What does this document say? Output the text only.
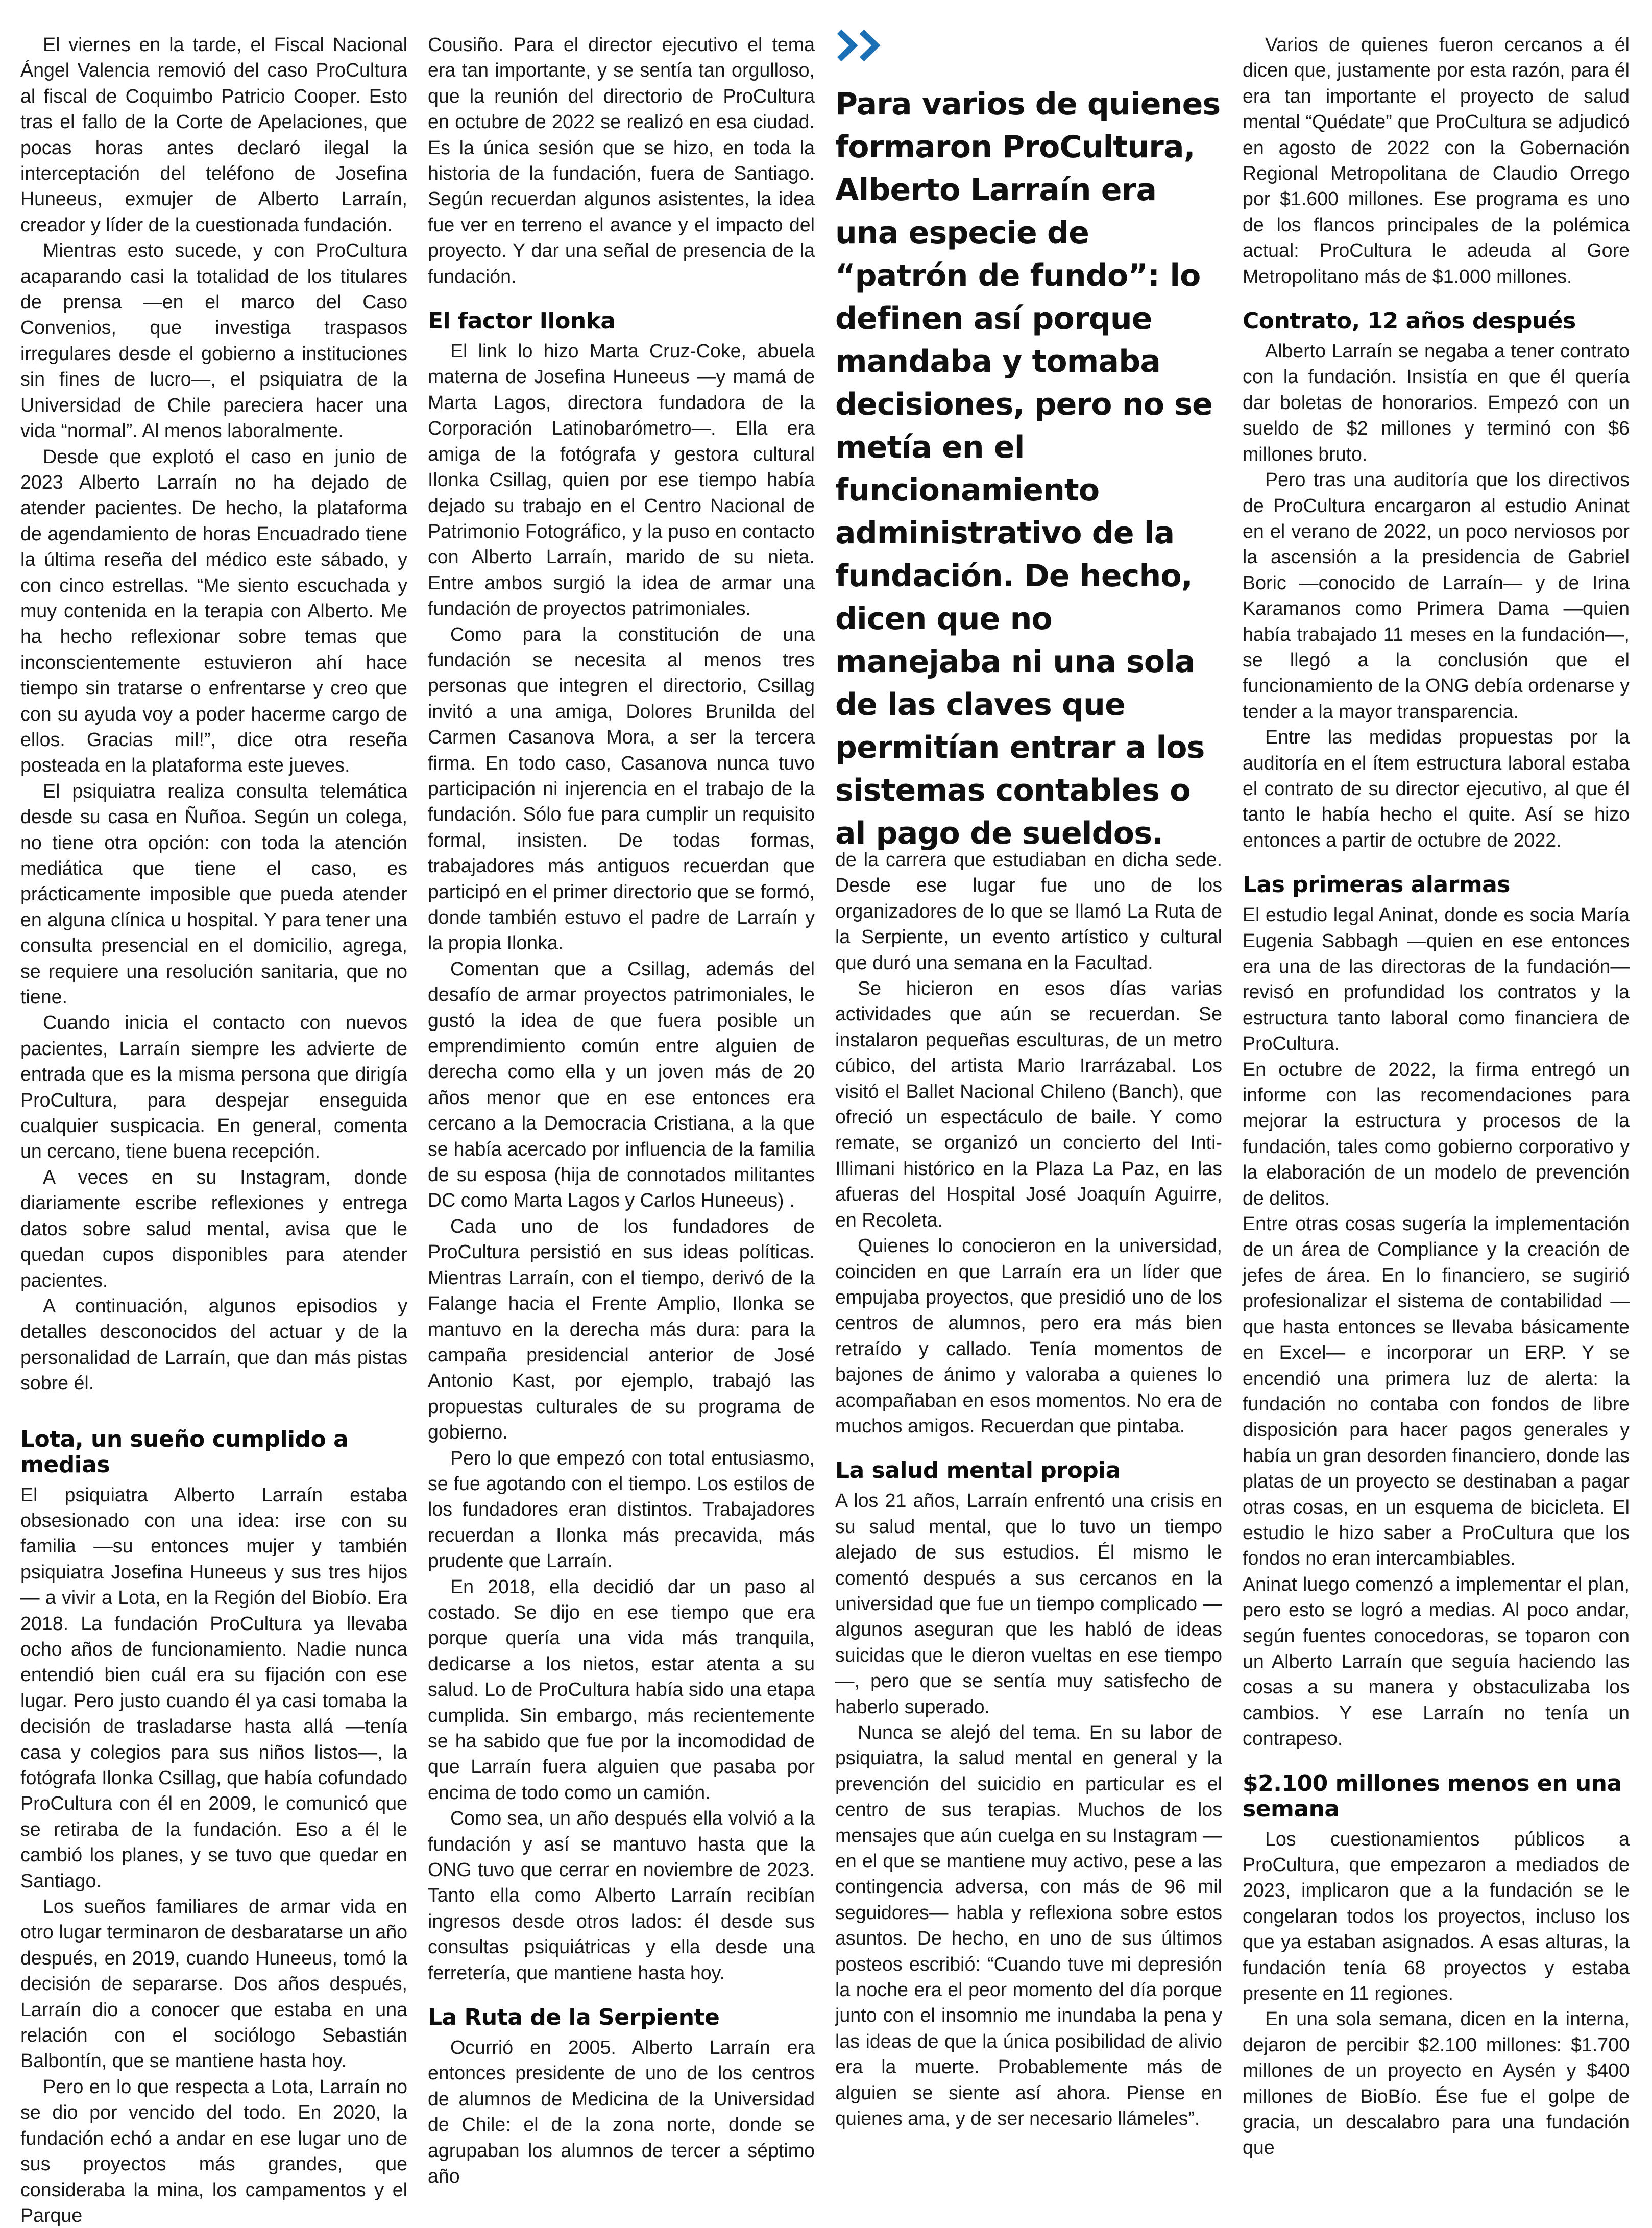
El viernes en la tarde, el Fiscal Nacional Ángel Valencia removió del caso ProCultura al fiscal de Coquimbo Patricio Cooper. Esto tras el fallo de la Corte de Apelaciones, que pocas horas antes declaró ilegal la interceptación del teléfono de Josefina Huneeus, exmujer de Alberto Larraín, creador y líder de la cuestionada fundación.

Mientras esto sucede, y con ProCultura acaparando casi la totalidad de los titulares de prensa —en el marco del Caso Convenios, que investiga traspasos irregulares desde el gobierno a instituciones sin fines de lucro—, el psiquiatra de la Universidad de Chile pareciera hacer una vida “normal”. Al menos laboralmente.

Desde que explotó el caso en junio de 2023 Alberto Larraín no ha dejado de atender pacientes. De hecho, la plataforma de agendamiento de horas Encuadrado tiene la última reseña del médico este sábado, y con cinco estrellas. “Me siento escuchada y muy contenida en la terapia con Alberto. Me ha hecho reflexionar sobre temas que inconscientemente estuvieron ahí hace tiempo sin tratarse o enfrentarse y creo que con su ayuda voy a poder hacerme cargo de ellos. Gracias mil!”, dice otra reseña posteada en la plataforma este jueves.

El psiquiatra realiza consulta telemática desde su casa en Ñuñoa. Según un colega, no tiene otra opción: con toda la atención mediática que tiene el caso, es prácticamente imposible que pueda atender en alguna clínica u hospital. Y para tener una consulta presencial en el domicilio, agrega, se requiere una resolución sanitaria, que no tiene.

Cuando inicia el contacto con nuevos pacientes, Larraín siempre les advierte de entrada que es la misma persona que dirigía ProCultura, para despejar enseguida cualquier suspicacia. En general, comenta un cercano, tiene buena recepción.

A veces en su Instagram, donde diariamente escribe reflexiones y entrega datos sobre salud mental, avisa que le quedan cupos disponibles para atender pacientes.

A continuación, algunos episodios y detalles desconocidos del actuar y de la personalidad de Larraín, que dan más pistas sobre él.

Lota, un sueño cumplido a medias

El psiquiatra Alberto Larraín estaba obsesionado con una idea: irse con su familia —su entonces mujer y también psiquiatra Josefina Huneeus y sus tres hijos— a vivir a Lota, en la Región del Biobío. Era 2018. La fundación ProCultura ya llevaba ocho años de funcionamiento. Nadie nunca entendió bien cuál era su fijación con ese lugar. Pero justo cuando él ya casi tomaba la decisión de trasladarse hasta allá —tenía casa y colegios para sus niños listos—, la fotógrafa Ilonka Csillag, que había cofundado ProCultura con él en 2009, le comunicó que se retiraba de la fundación. Eso a él le cambió los planes, y se tuvo que quedar en Santiago.

Los sueños familiares de armar vida en otro lugar terminaron de desbaratarse un año después, en 2019, cuando Huneeus, tomó la decisión de separarse. Dos años después, Larraín dio a conocer que estaba en una relación con el sociólogo Sebastián Balbontín, que se mantiene hasta hoy.

Pero en lo que respecta a Lota, Larraín no se dio por vencido del todo. En 2020, la fundación echó a andar en ese lugar uno de sus proyectos más grandes, que consideraba la mina, los campamentos y el Parque

Cousiño. Para el director ejecutivo el tema era tan importante, y se sentía tan orgulloso, que la reunión del directorio de ProCultura en octubre de 2022 se realizó en esa ciudad. Es la única sesión que se hizo, en toda la historia de la fundación, fuera de Santiago. Según recuerdan algunos asistentes, la idea fue ver en terreno el avance y el impacto del proyecto. Y dar una señal de presencia de la fundación.

El factor Ilonka

El link lo hizo Marta Cruz-Coke, abuela materna de Josefina Huneeus —y mamá de Marta Lagos, directora fundadora de la Corporación Latinobarómetro—. Ella era amiga de la fotógrafa y gestora cultural Ilonka Csillag, quien por ese tiempo había dejado su trabajo en el Centro Nacional de Patrimonio Fotográfico, y la puso en contacto con Alberto Larraín, marido de su nieta. Entre ambos surgió la idea de armar una fundación de proyectos patrimoniales.

Como para la constitución de una fundación se necesita al menos tres personas que integren el directorio, Csillag invitó a una amiga, Dolores Brunilda del Carmen Casanova Mora, a ser la tercera firma. En todo caso, Casanova nunca tuvo participación ni injerencia en el trabajo de la fundación. Sólo fue para cumplir un requisito formal, insisten. De todas formas, trabajadores más antiguos recuerdan que participó en el primer directorio que se formó, donde también estuvo el padre de Larraín y la propia Ilonka.

Comentan que a Csillag, además del desafío de armar proyectos patrimoniales, le gustó la idea de que fuera posible un emprendimiento común entre alguien de derecha como ella y un joven más de 20 años menor que en ese entonces era cercano a la Democracia Cristiana, a la que se había acercado por influencia de la familia de su esposa (hija de connotados militantes DC como Marta Lagos y Carlos Huneeus) .

Cada uno de los fundadores de ProCultura persistió en sus ideas políticas. Mientras Larraín, con el tiempo, derivó de la Falange hacia el Frente Amplio, Ilonka se mantuvo en la derecha más dura: para la campaña presidencial anterior de José Antonio Kast, por ejemplo, trabajó las propuestas culturales de su programa de gobierno.

Pero lo que empezó con total entusiasmo, se fue agotando con el tiempo. Los estilos de los fundadores eran distintos. Trabajadores recuerdan a Ilonka más precavida, más prudente que Larraín.

En 2018, ella decidió dar un paso al costado. Se dijo en ese tiempo que era porque quería una vida más tranquila, dedicarse a los nietos, estar atenta a su salud. Lo de ProCultura había sido una etapa cumplida. Sin embargo, más recientemente se ha sabido que fue por la incomodidad de que Larraín fuera alguien que pasaba por encima de todo como un camión.

Como sea, un año después ella volvió a la fundación y así se mantuvo hasta que la ONG tuvo que cerrar en noviembre de 2023. Tanto ella como Alberto Larraín recibían ingresos desde otros lados: él desde sus consultas psiquiátricas y ella desde una ferretería, que mantiene hasta hoy.

La Ruta de la Serpiente

Ocurrió en 2005. Alberto Larraín era entonces presidente de uno de los centros de alumnos de Medicina de la Universidad de Chile: el de la zona norte, donde se agrupaban los alumnos de tercer a séptimo año

Para varios de quienes formaron ProCultura, Alberto Larraín era una especie de “patrón de fundo”: lo definen así porque mandaba y tomaba decisiones, pero no se metía en el funcionamiento administrativo de la fundación. De hecho, dicen que no manejaba ni una sola de las claves que permitían entrar a los sistemas contables o al pago de sueldos.

de la carrera que estudiaban en dicha sede. Desde ese lugar fue uno de los organizadores de lo que se llamó La Ruta de la Serpiente, un evento artístico y cultural que duró una semana en la Facultad.

Se hicieron en esos días varias actividades que aún se recuerdan. Se instalaron pequeñas esculturas, de un metro cúbico, del artista Mario Irarrázabal. Los visitó el Ballet Nacional Chileno (Banch), que ofreció un espectáculo de baile. Y como remate, se organizó un concierto del Inti-Illimani histórico en la Plaza La Paz, en las afueras del Hospital José Joaquín Aguirre, en Recoleta.

Quienes lo conocieron en la universidad, coinciden en que Larraín era un líder que empujaba proyectos, que presidió uno de los centros de alumnos, pero era más bien retraído y callado. Tenía momentos de bajones de ánimo y valoraba a quienes lo acompañaban en esos momentos. No era de muchos amigos. Recuerdan que pintaba.

La salud mental propia

A los 21 años, Larraín enfrentó una crisis en su salud mental, que lo tuvo un tiempo alejado de sus estudios. Él mismo le comentó después a sus cercanos en la universidad que fue un tiempo complicado —algunos aseguran que les habló de ideas suicidas que le dieron vueltas en ese tiempo—, pero que se sentía muy satisfecho de haberlo superado.

Nunca se alejó del tema. En su labor de psiquiatra, la salud mental en general y la prevención del suicidio en particular es el centro de sus terapias. Muchos de los mensajes que aún cuelga en su Instagram —en el que se mantiene muy activo, pese a las contingencia adversa, con más de 96 mil seguidores— habla y reflexiona sobre estos asuntos. De hecho, en uno de sus últimos posteos escribió: “Cuando tuve mi depresión la noche era el peor momento del día porque junto con el insomnio me inundaba la pena y las ideas de que la única posibilidad de alivio era la muerte. Probablemente más de alguien se siente así ahora. Piense en quienes ama, y de ser necesario llámeles”.

Varios de quienes fueron cercanos a él dicen que, justamente por esta razón, para él era tan importante el proyecto de salud mental “Quédate” que ProCultura se adjudicó en agosto de 2022 con la Gobernación Regional Metropolitana de Claudio Orrego por $1.600 millones. Ese programa es uno de los flancos principales de la polémica actual: ProCultura le adeuda al Gore Metropolitano más de $1.000 millones.

Contrato, 12 años después

Alberto Larraín se negaba a tener contrato con la fundación. Insistía en que él quería dar boletas de honorarios. Empezó con un sueldo de $2 millones y terminó con $6 millones bruto.

Pero tras una auditoría que los directivos de ProCultura encargaron al estudio Aninat en el verano de 2022, un poco nerviosos por la ascensión a la presidencia de Gabriel Boric —conocido de Larraín— y de Irina Karamanos como Primera Dama —quien había trabajado 11 meses en la fundación—, se llegó a la conclusión que el funcionamiento de la ONG debía ordenarse y tender a la mayor transparencia.

Entre las medidas propuestas por la auditoría en el ítem estructura laboral estaba el contrato de su director ejecutivo, al que él tanto le había hecho el quite. Así se hizo entonces a partir de octubre de 2022.

Las primeras alarmas

El estudio legal Aninat, donde es socia María Eugenia Sabbagh —quien en ese entonces era una de las directoras de la fundación— revisó en profundidad los contratos y la estructura tanto laboral como financiera de ProCultura.

En octubre de 2022, la firma entregó un informe con las recomendaciones para mejorar la estructura y procesos de la fundación, tales como gobierno corporativo y la elaboración de un modelo de prevención de delitos.

Entre otras cosas sugería la implementación de un área de Compliance y la creación de jefes de área. En lo financiero, se sugirió profesionalizar el sistema de contabilidad —que hasta entonces se llevaba básicamente en Excel— e incorporar un ERP. Y se encendió una primera luz de alerta: la fundación no contaba con fondos de libre disposición para hacer pagos generales y había un gran desorden financiero, donde las platas de un proyecto se destinaban a pagar otras cosas, en un esquema de bicicleta. El estudio le hizo saber a ProCultura que los fondos no eran intercambiables.

Aninat luego comenzó a implementar el plan, pero esto se logró a medias. Al poco andar, según fuentes conocedoras, se toparon con un Alberto Larraín que seguía haciendo las cosas a su manera y obstaculizaba los cambios. Y ese Larraín no tenía un contrapeso.

$2.100 millones menos en una semana

Los cuestionamientos públicos a ProCultura, que empezaron a mediados de 2023, implicaron que a la fundación se le congelaran todos los proyectos, incluso los que ya estaban asignados. A esas alturas, la fundación tenía 68 proyectos y estaba presente en 11 regiones.

En una sola semana, dicen en la interna, dejaron de percibir $2.100 millones: $1.700 millones de un proyecto en Aysén y $400 millones de BioBío. Ése fue el golpe de gracia, un descalabro para una fundación que
